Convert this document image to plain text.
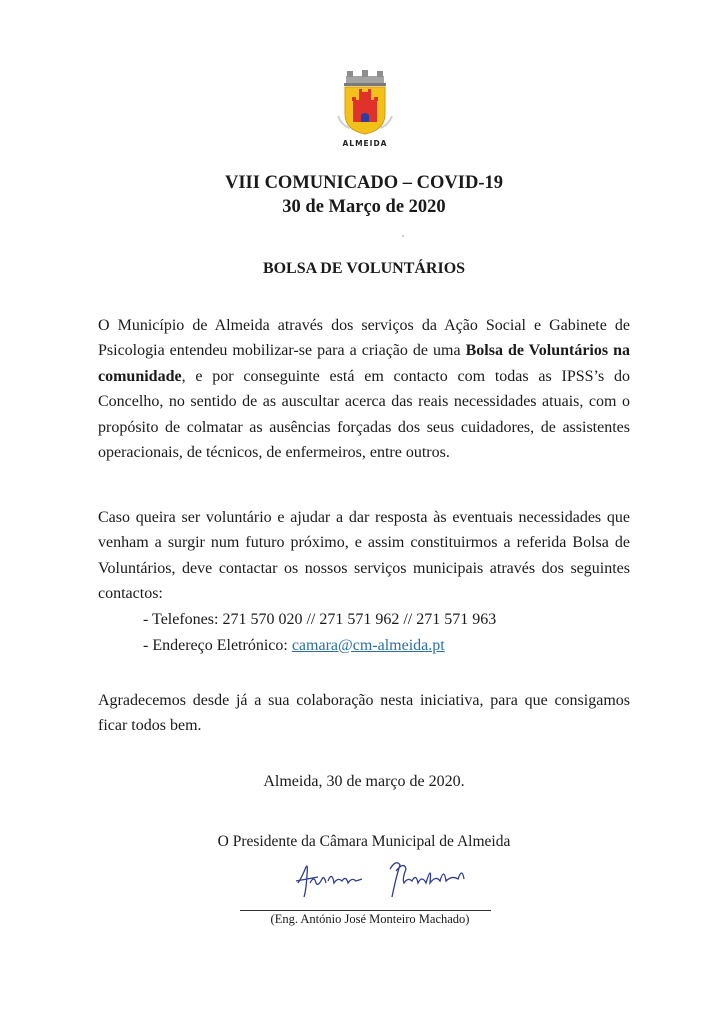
ALMEIDA
VIII COMUNICADO – COVID-19
30 de Março de 2020
BOLSA DE VOLUNTÁRIOS

O Município de Almeida através dos serviços da Ação Social e Gabinete de Psicologia entendeu mobilizar-se para a criação de uma Bolsa de Voluntários na comunidade, e por conseguinte está em contacto com todas as IPSS’s do Concelho, no sentido de as auscultar acerca das reais necessidades atuais, com o propósito de colmatar as ausências forçadas dos seus cuidadores, de assistentes operacionais, de técnicos, de enfermeiros, entre outros.

Caso queira ser voluntário e ajudar a dar resposta às eventuais necessidades que venham a surgir num futuro próximo, e assim constituirmos a referida Bolsa de Voluntários, deve contactar os nossos serviços municipais através dos seguintes contactos:

- Telefones: 271 570 020 // 271 571 962 // 271 571 963
- Endereço Eletrónico: camara@cm-almeida.pt

Agradecemos desde já a sua colaboração nesta iniciativa, para que consigamos ficar todos bem.

Almeida, 30 de março de 2020.
O Presidente da Câmara Municipal de Almeida
(Eng. António José Monteiro Machado)
